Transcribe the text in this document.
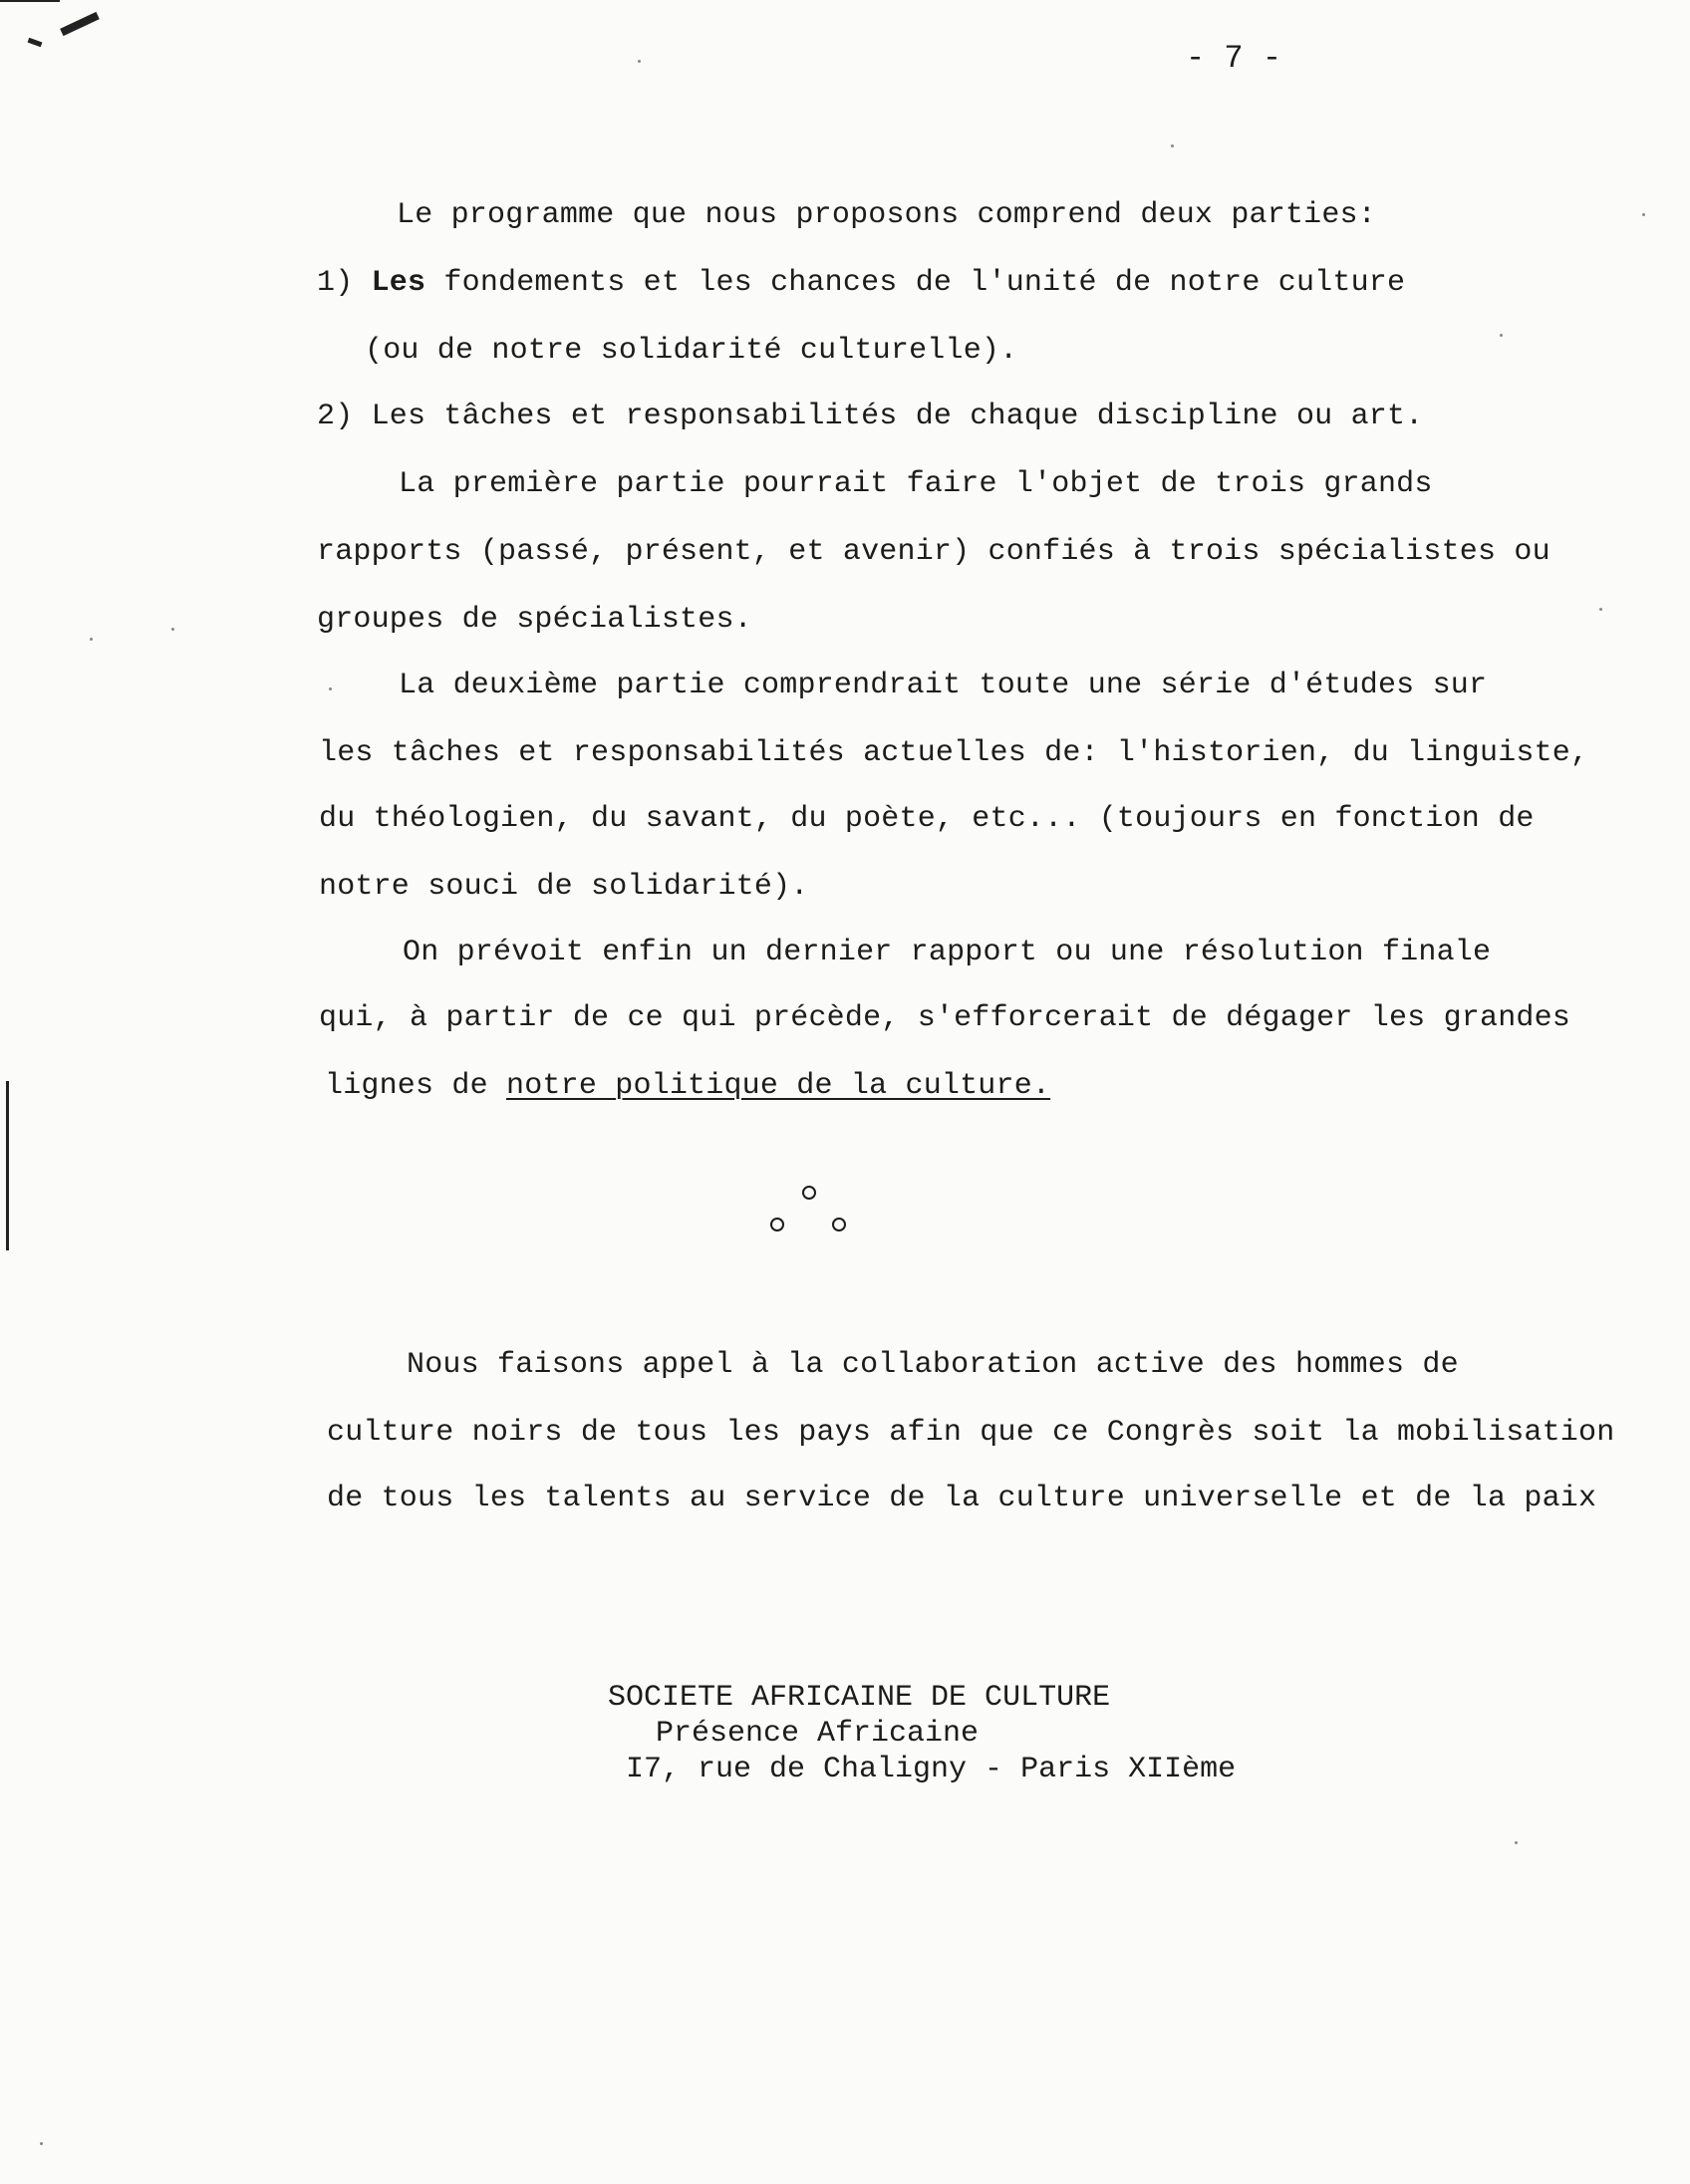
- 7 -
Le programme que nous proposons comprend deux parties:
1) Les fondements et les chances de l'unité de notre culture
(ou de notre solidarité culturelle).
2) Les tâches et responsabilités de chaque discipline ou art.
La première partie pourrait faire l'objet de trois grands
rapports (passé, présent, et avenir) confiés à trois spécialistes ou
groupes de spécialistes.
La deuxième partie comprendrait toute une série d'études sur
les tâches et responsabilités actuelles de: l'historien, du linguiste,
du théologien, du savant, du poète, etc... (toujours en fonction de
notre souci de solidarité).
On prévoit enfin un dernier rapport ou une résolution finale
qui, à partir de ce qui précède, s'efforcerait de dégager les grandes
lignes de notre politique de la culture.
Nous faisons appel à la collaboration active des hommes de
culture noirs de tous les pays afin que ce Congrès soit la mobilisation
de tous les talents au service de la culture universelle et de la paix
SOCIETE AFRICAINE DE CULTURE
Présence Africaine
I7, rue de Chaligny - Paris XIIème
